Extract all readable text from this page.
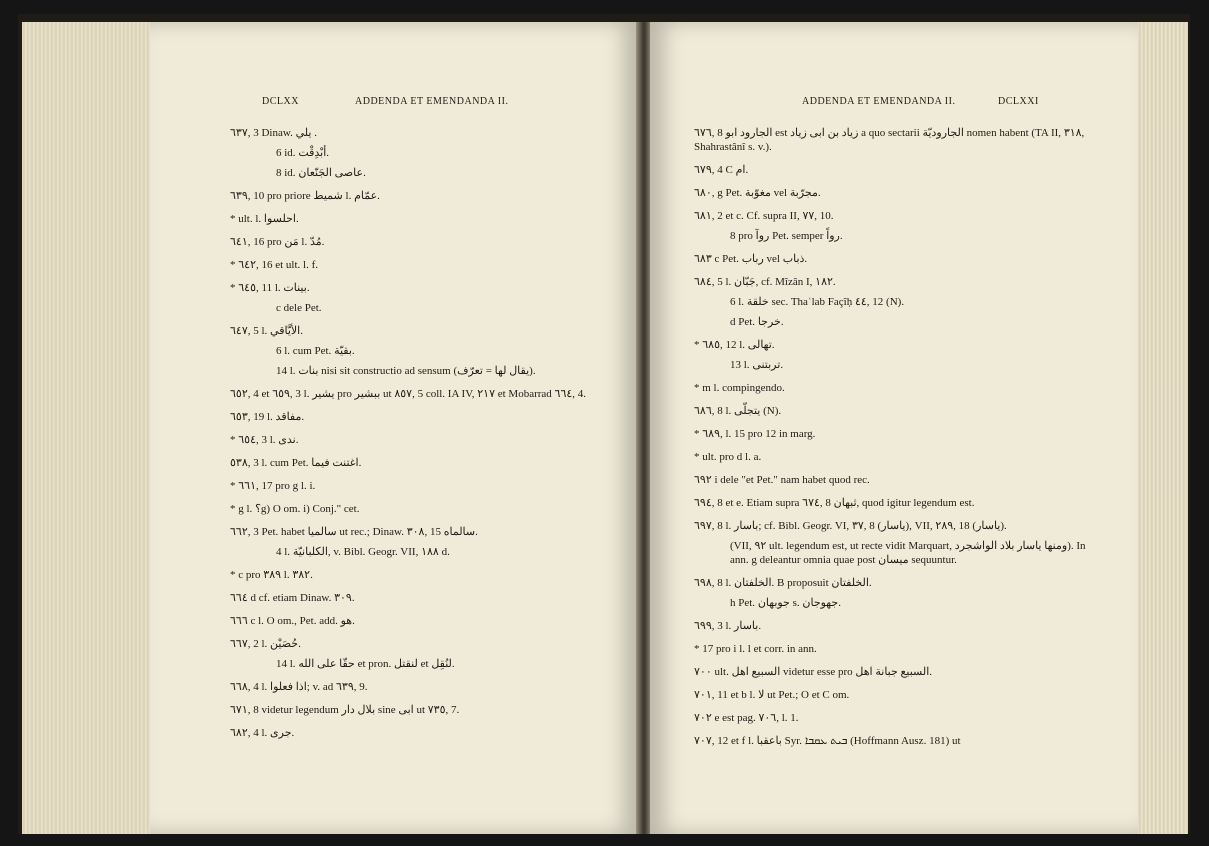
DCLXX	ADDENDA ET EMENDANDA II.
٦٣٧, 3 Dinaw. يلي .
6 id. أبْدِقْت.
8 id. عاصى الجَنّعان.
٦٣٩, 10 pro priore شميط l. عمّام.
* ult. l. احلسوا.
٦٤١, 16 pro مَن l. مُدّ.
* ٦٤٢, 16 et ult. l. f.
* ٦٤٥, 11 l. بينات.
c dele Pet.
٦٤٧, 5 l. الأيَّاقي.
6 l. cum Pet. بقيّة.
14 l. بنات nisi sit constructio ad sensum (يقال لها = تعرّف).
٦٥٢, 4 et ٦٥٩, 3 l. يشير pro ببشير ut ٨٥٧, 5 coll. IA IV, ٢١٧ et Mobarrad ٦٦٤, 4.
٦٥٣, 19 l. مفاقد.
* ٦٥٤, 3 l. ندى.
٥٣٨, 3 l. cum Pet. اغتنت فيما.
* ٦٦١, 17 pro g l. i.
* g l. ؟g) O om. i) Conj." cet.
٦٦٢, 3 Pet. habet سالميا ut rec.; Dinaw. ٣٠٨, 15 سالماه.
4 l. الكلبانيّة, v. Bibl. Geogr. VII, ١٨٨ d.
* c pro ٣٨٩ l. ٣٨٢.
٦٦٤ d cf. etiam Dinaw. ٣٠٩.
٦٦٦ c l. O om., Pet. add. هو.
٦٦٧, 2 l. حُصَيْن.
14 l. حقّا على الله et pron. لنقتل et لنُقِل.
٦٦٨, 4 l. اذا فعلوا; v. ad ٦٣٩, 9.
٦٧١, 8 videtur legendum بلال دار sine ابى ut ٧٣٥, 7.
٦٨٢, 4 l. جرى.
ADDENDA ET EMENDANDA II.	DCLXXI
٦٧٦, 8 الجارود ابو est زياد بن ابى زياد a quo sectarii الجاروديّة nomen habent (TA II, ٣١٨, Shahrastânî s. v.).
٦٧٩, 4 C ام.
٦٨٠, g Pet. مغوّبة vel مجرّبة.
٦٨١, 2 et c. Cf. supra II, ٧٧, 10.
8 pro روآ Pet. semper رواً.
٦٨٣ c Pet. رباب vel ذباب.
٦٨٤, 5 l. جَبّان, cf. Mîzân I, ١٨٢.
6 l. خلقة sec. Thaʿlab Façîḥ ٤٤, 12 (N).
d Pet. خرجا.
* ٦٨٥, 12 l. تهالى.
13 l. تربتنى.
* m l. compingendo.
٦٨٦, 8 l. يتجلّى (N).
* ٦٨٩, l. 15 pro 12 in marg.
* ult. pro d l. a.
٦٩٢ i dele "et Pet." nam habet quod rec.
٦٩٤, 8 et e. Etiam supra ٦٧٤, 8 ثبهان, quod igitur legendum est.
٦٩٧, 8 l. باسار; cf. Bibl. Geogr. VI, ٣٧, 8 (ياسار), VII, ٢٨٩, 18 (ياسار).
(VII, ٩٢ ult. legendum est, ut recte vidit Marquart, ومنها ياسار بلاد الواشجرد). In ann. g deleantur omnia quae post ميسان sequuntur.
٦٩٨, 8 l. الخلفتان. B proposuit الخلفتان.
h Pet. جوبهان s. جهوجان.
٦٩٩, 3 l. باسار.
* 17 pro i l. l et corr. in ann.
٧٠٠ ult. السبيع اهل videtur esse pro السبيع جبانة اهل.
٧٠١, 11 et b l. لا ut Pet.; O et C om.
٧٠٢ e est pag. ٧٠٦, l. 1.
٧٠٧, 12 et f l. باعقبا Syr. ܒܝܬ ܥܩܒܐ (Hoffmann Ausz. 181) ut
